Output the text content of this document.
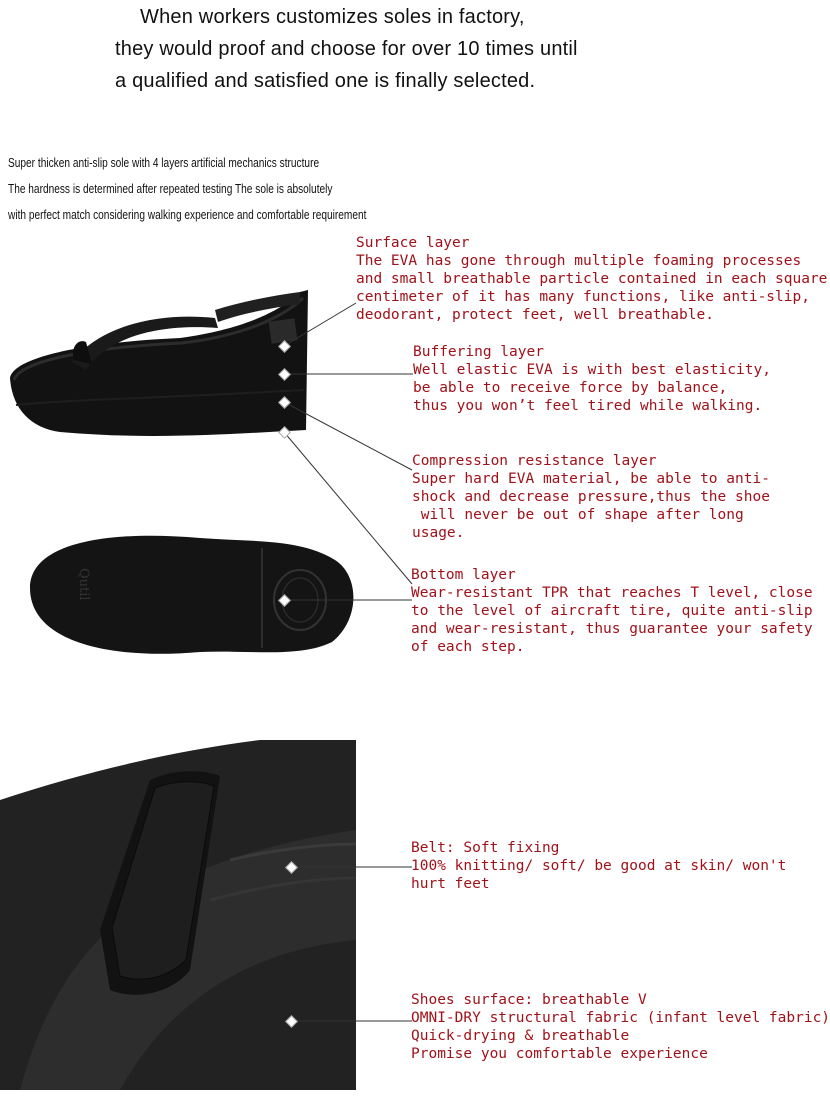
When workers customizes soles in factory,
they would proof and choose for over 10 times until
a qualified and satisfied one is finally selected.
Super thicken anti-slip sole with 4 layers artificial mechanics structure
The hardness is determined after repeated testing The sole is absolutely
with perfect match considering walking experience and comfortable requirement
Qutil
Surface layer
The EVA has gone through multiple foaming processes
and small breathable particle contained in each square
centimeter of it has many functions, like anti-slip,
deodorant, protect feet, well breathable.
Buffering layer
Well elastic EVA is with best elasticity,
be able to receive force by balance,
thus you won’t feel tired while walking.
Compression resistance layer
Super hard EVA material, be able to anti-
shock and decrease pressure,thus the shoe
will never be out of shape after long
usage.
Bottom layer
Wear-resistant TPR that reaches T level, close
to the level of aircraft tire, quite anti-slip
and wear-resistant, thus guarantee your safety
of each step.
Belt: Soft fixing
100% knitting/ soft/ be good at skin/ won't
hurt feet
Shoes surface: breathable V
OMNI-DRY structural fabric (infant level fabric)
Quick-drying & breathable
Promise you comfortable experience
